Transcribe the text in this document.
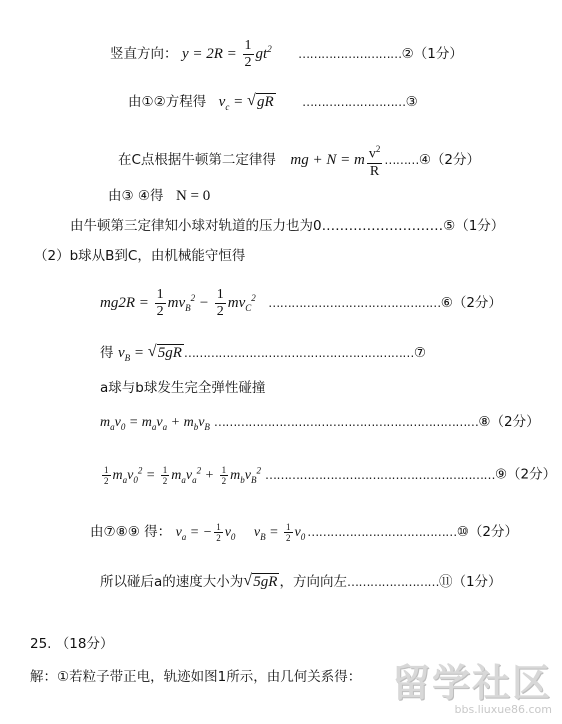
竖直方向： $y = 2R = \frac{1}{2} gt^2$ ………………………②（1分）
由①②方程得 $v_c$ = √ gR ………………………③
在C点根据牛顿第二定律得 mg + N = m $\frac{v^2}{R}$ ………④（2分）
由③ ④得 N = 0
由牛顿第三定律知小球对轨道的压力也为0………………………⑤（1分）
（2）b球从B到C，由机械能守恒得
$mg2R = \frac{1}{2} mv_B^2 - \frac{1}{2} mv_C^2$ ………………………………………⑥（2分）
得 $v_B$ = √ 5gR ……………………………………………………⑦
a球与b球发生完全弹性碰撞
$m_av_0 = m_av_a + m_bv_B$ ……………………………………………………………⑧（2分）
$\frac{1}{2} m_av_0^2 = \frac{1}{2} m_av_a^2 + \frac{1}{2} m_bv_B^2$ ……………………………………………………⑨（2分）
由⑦⑧⑨ 得： $v_a$ = − $\frac{1}{2} v_0$ $v_B = \frac{1}{2} v_0$ …………………………………⑩（2分）
所以碰后a的速度大小为 √ 5gR ，方向向左……………………⑪（1分）
25. （18分）
解：①若粒子带正电，轨迹如图1所示，由几何关系得： 留学社区
bbs.liuxue86.com
